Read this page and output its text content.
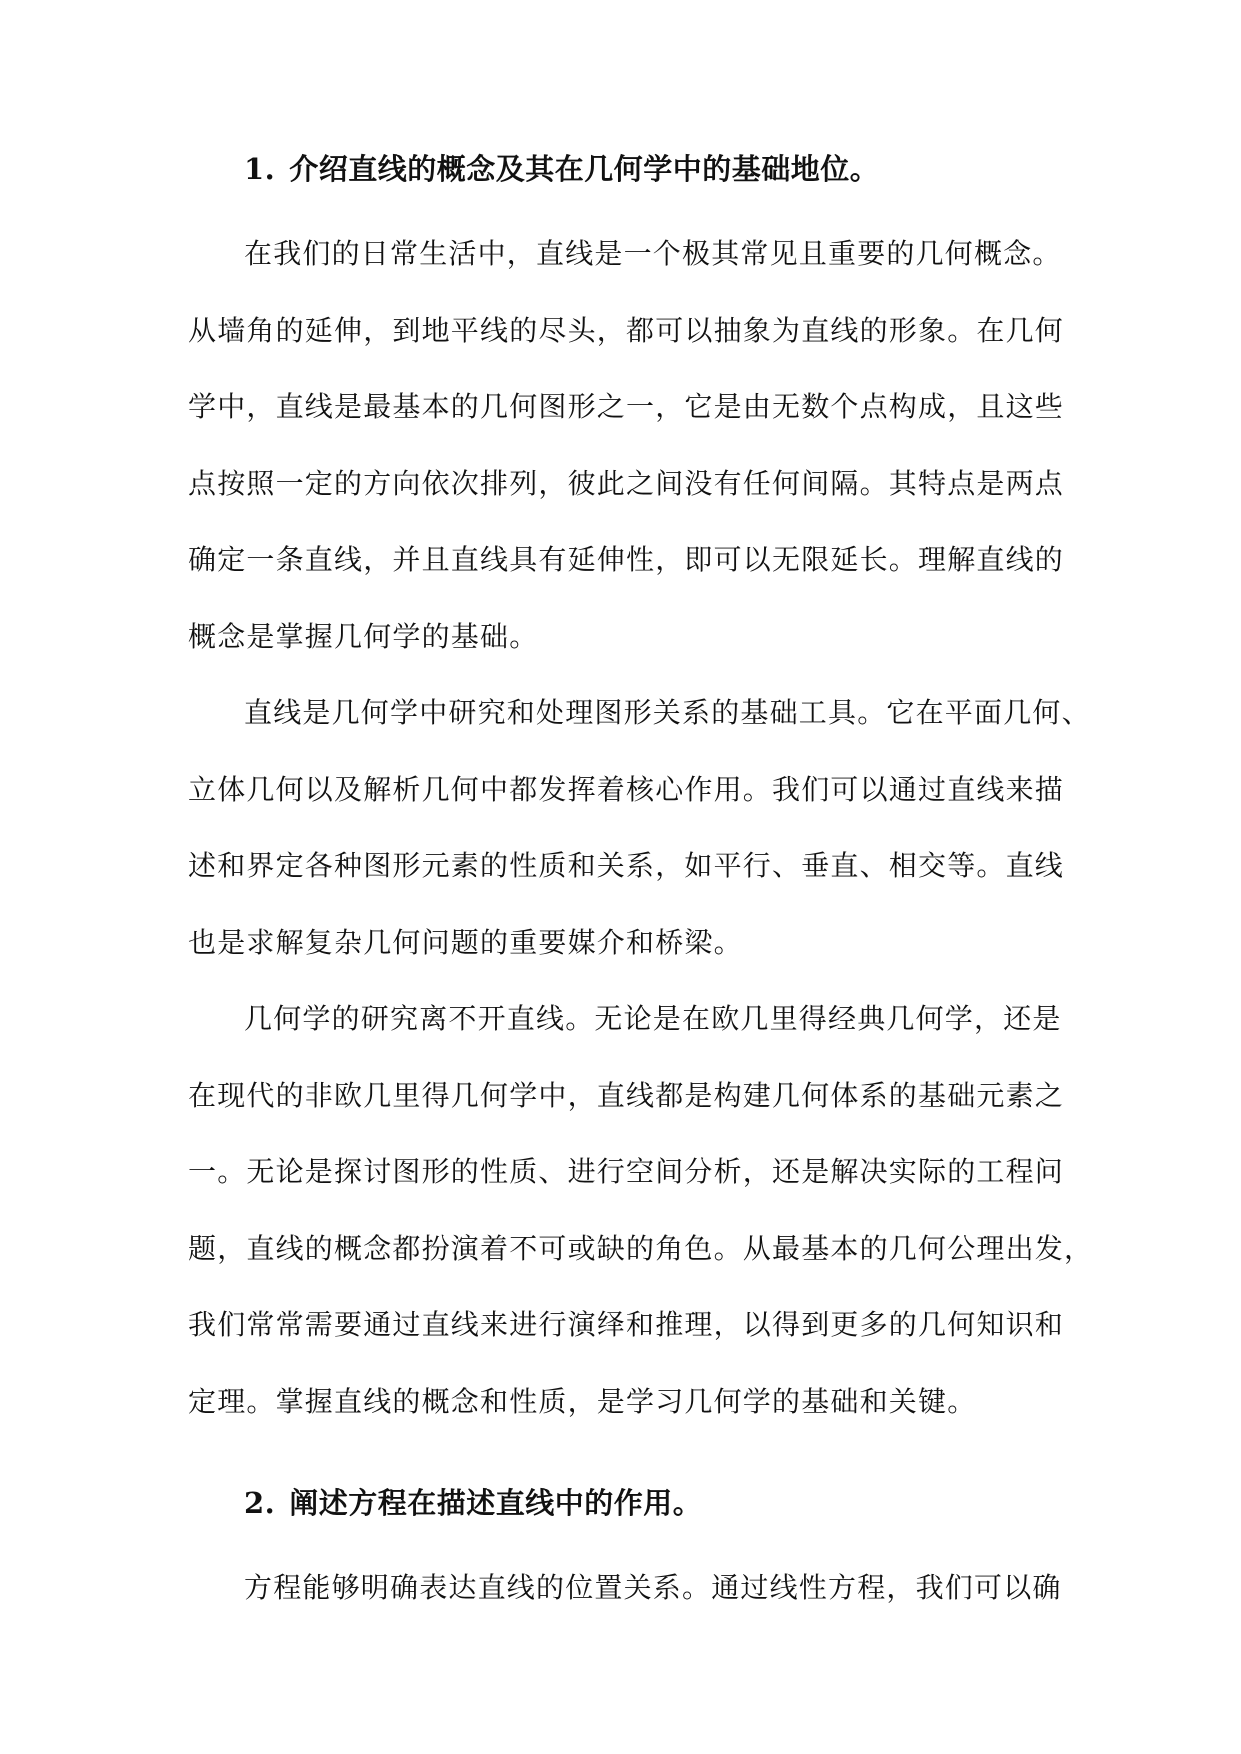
1. 介绍直线的概念及其在几何学中的基础地位。
在我们的日常生活中，直线是一个极其常见且重要的几何概念。
从墙角的延伸，到地平线的尽头，都可以抽象为直线的形象。在几何
学中，直线是最基本的几何图形之一，它是由无数个点构成，且这些
点按照一定的方向依次排列，彼此之间没有任何间隔。其特点是两点
确定一条直线，并且直线具有延伸性，即可以无限延长。理解直线的
概念是掌握几何学的基础。
直线是几何学中研究和处理图形关系的基础工具。它在平面几何、
立体几何以及解析几何中都发挥着核心作用。我们可以通过直线来描
述和界定各种图形元素的性质和关系，如平行、垂直、相交等。直线
也是求解复杂几何问题的重要媒介和桥梁。
几何学的研究离不开直线。无论是在欧几里得经典几何学，还是
在现代的非欧几里得几何学中，直线都是构建几何体系的基础元素之
一。无论是探讨图形的性质、进行空间分析，还是解决实际的工程问
题，直线的概念都扮演着不可或缺的角色。从最基本的几何公理出发，
我们常常需要通过直线来进行演绎和推理，以得到更多的几何知识和
定理。掌握直线的概念和性质，是学习几何学的基础和关键。
2. 阐述方程在描述直线中的作用。
方程能够明确表达直线的位置关系。通过线性方程，我们可以确
